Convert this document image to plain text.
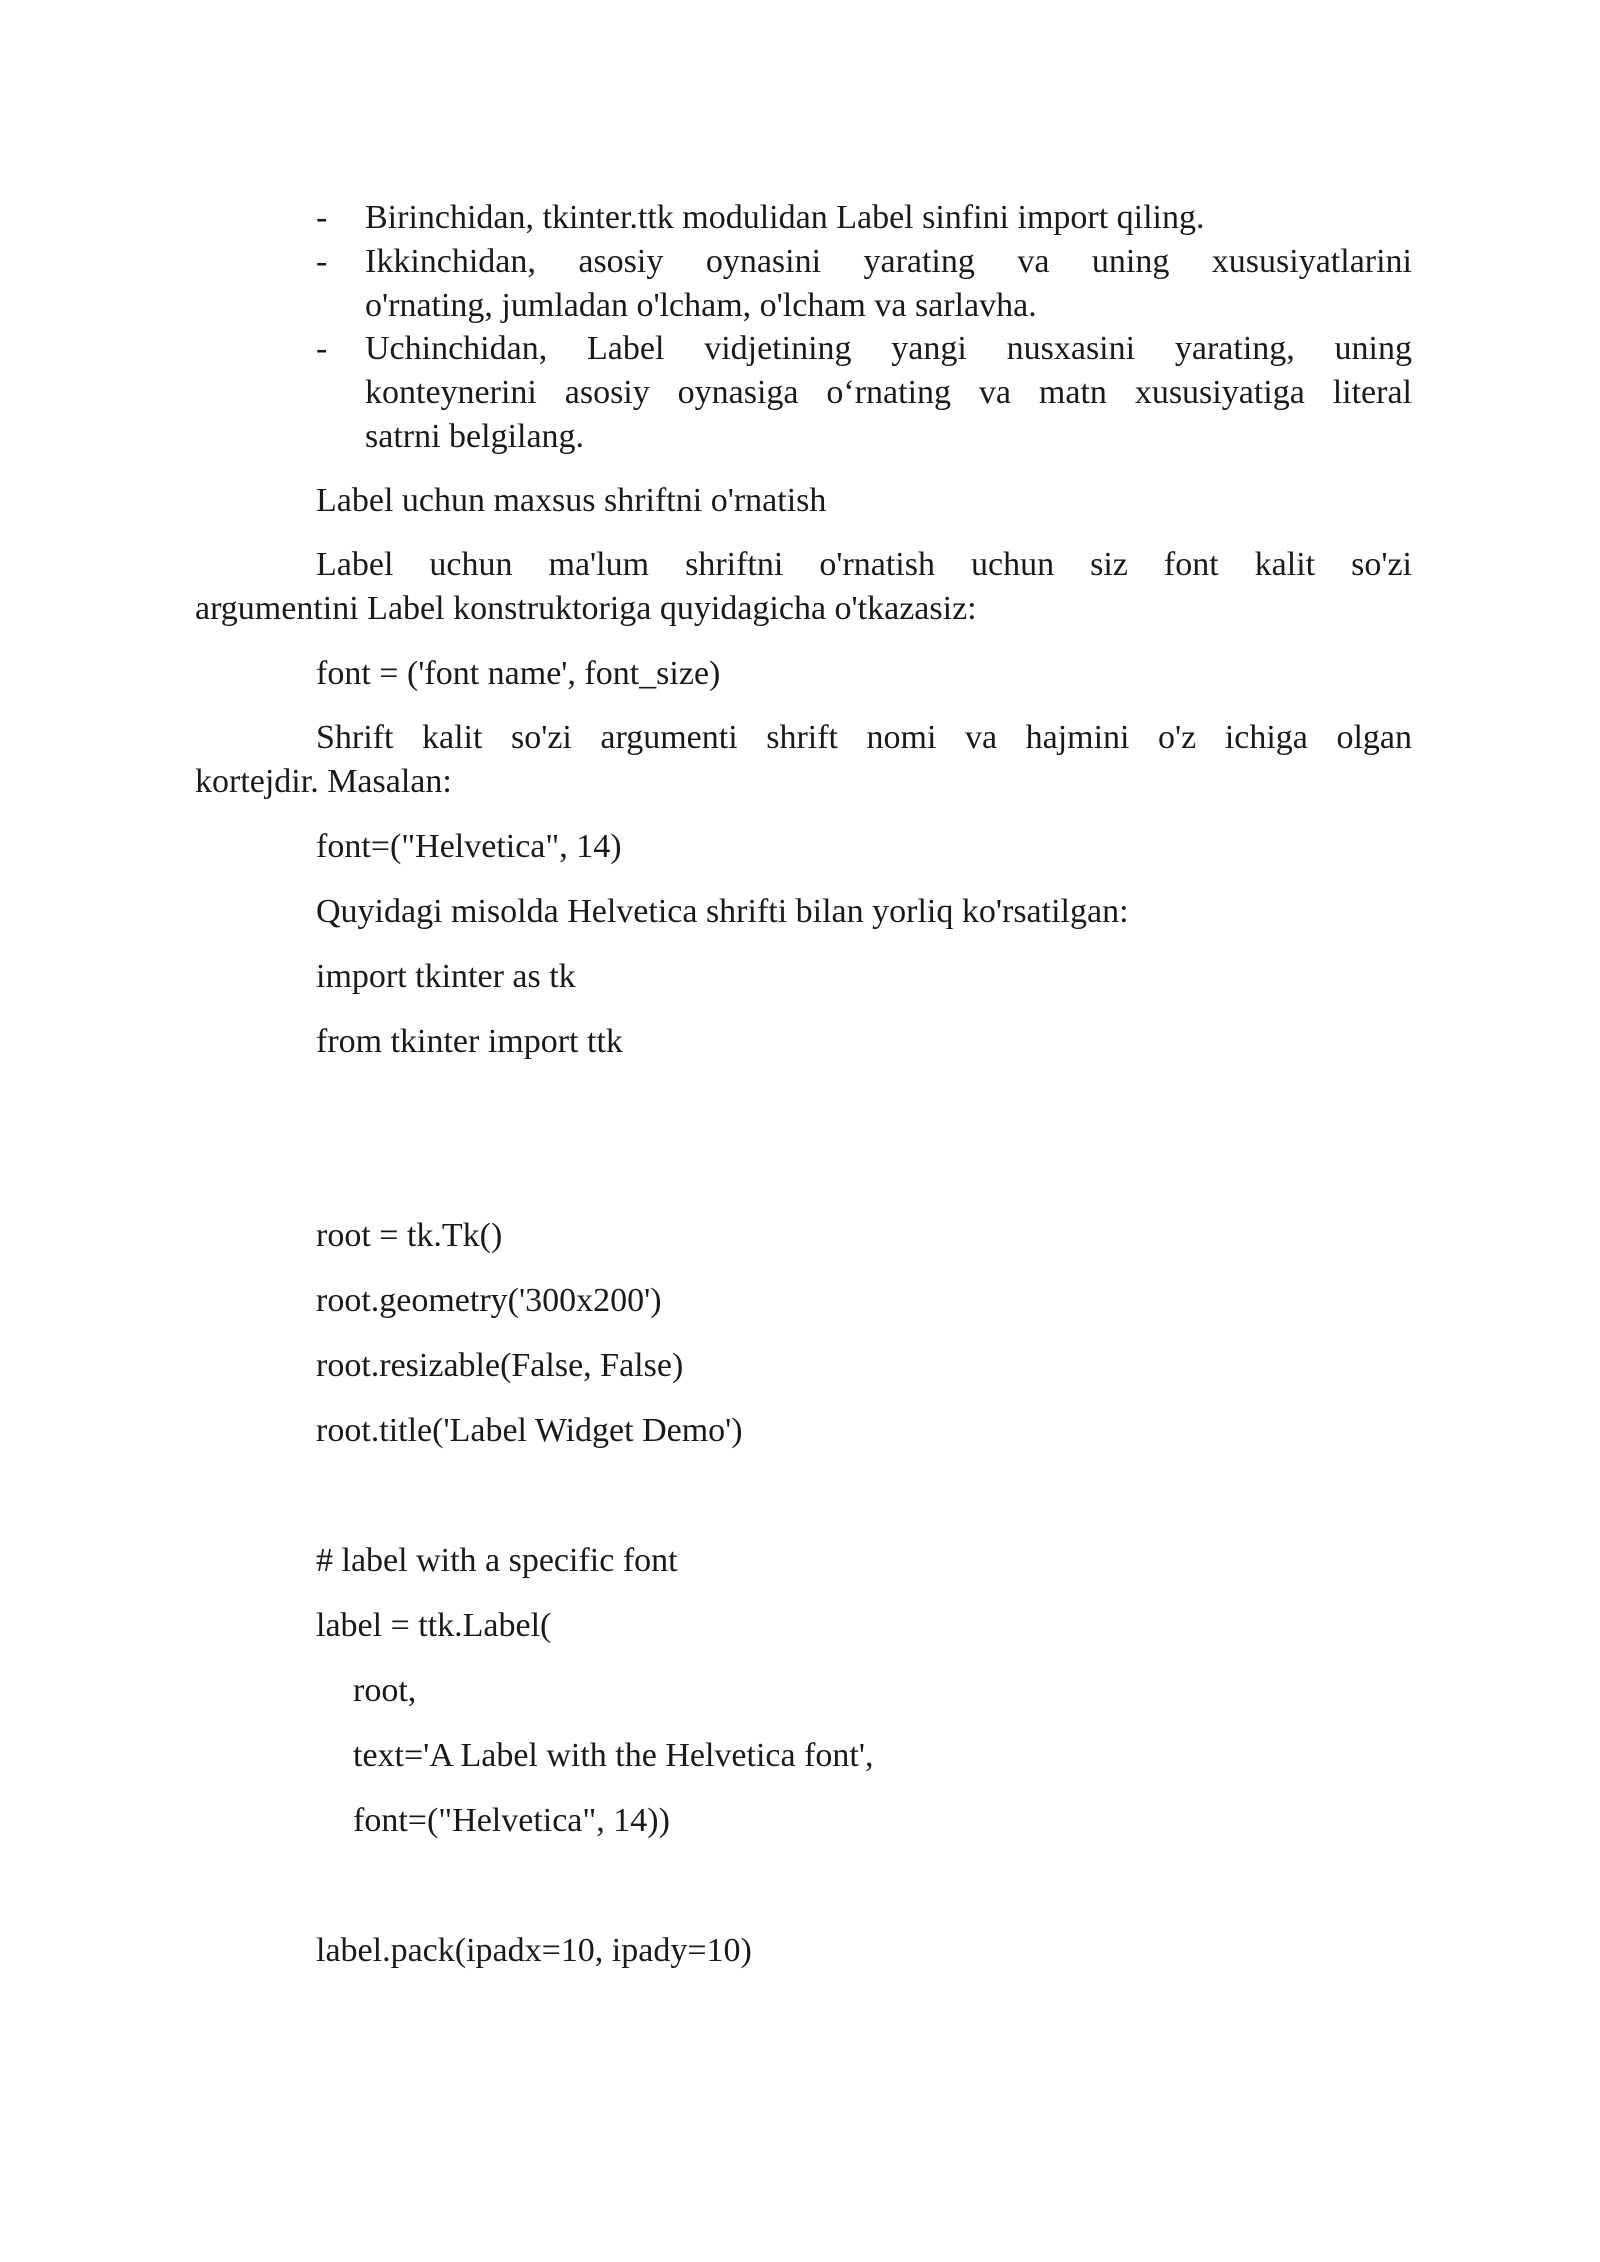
- Birinchidan, tkinter.ttk modulidan Label sinfini import qiling.
- Ikkinchidan, asosiy oynasini yarating va uning xususiyatlarini
o'rnating, jumladan o'lcham, o'lcham va sarlavha.
- Uchinchidan, Label vidjetining yangi nusxasini yarating, uning
konteynerini asosiy oynasiga o‘rnating va matn xususiyatiga literal
satrni belgilang.
Label uchun maxsus shriftni o'rnatish
Label uchun ma'lum shriftni o'rnatish uchun siz font kalit so'zi
argumentini Label konstruktoriga quyidagicha o'tkazasiz:
font = ('font name', font_size)
Shrift kalit so'zi argumenti shrift nomi va hajmini o'z ichiga olgan
kortejdir. Masalan:
font=("Helvetica", 14)
Quyidagi misolda Helvetica shrifti bilan yorliq ko'rsatilgan:
import tkinter as tk
from tkinter import ttk
root = tk.Tk()
root.geometry('300x200')
root.resizable(False, False)
root.title('Label Widget Demo')
# label with a specific font
label = ttk.Label(
root,
text='A Label with the Helvetica font',
font=("Helvetica", 14))
label.pack(ipadx=10, ipady=10)
